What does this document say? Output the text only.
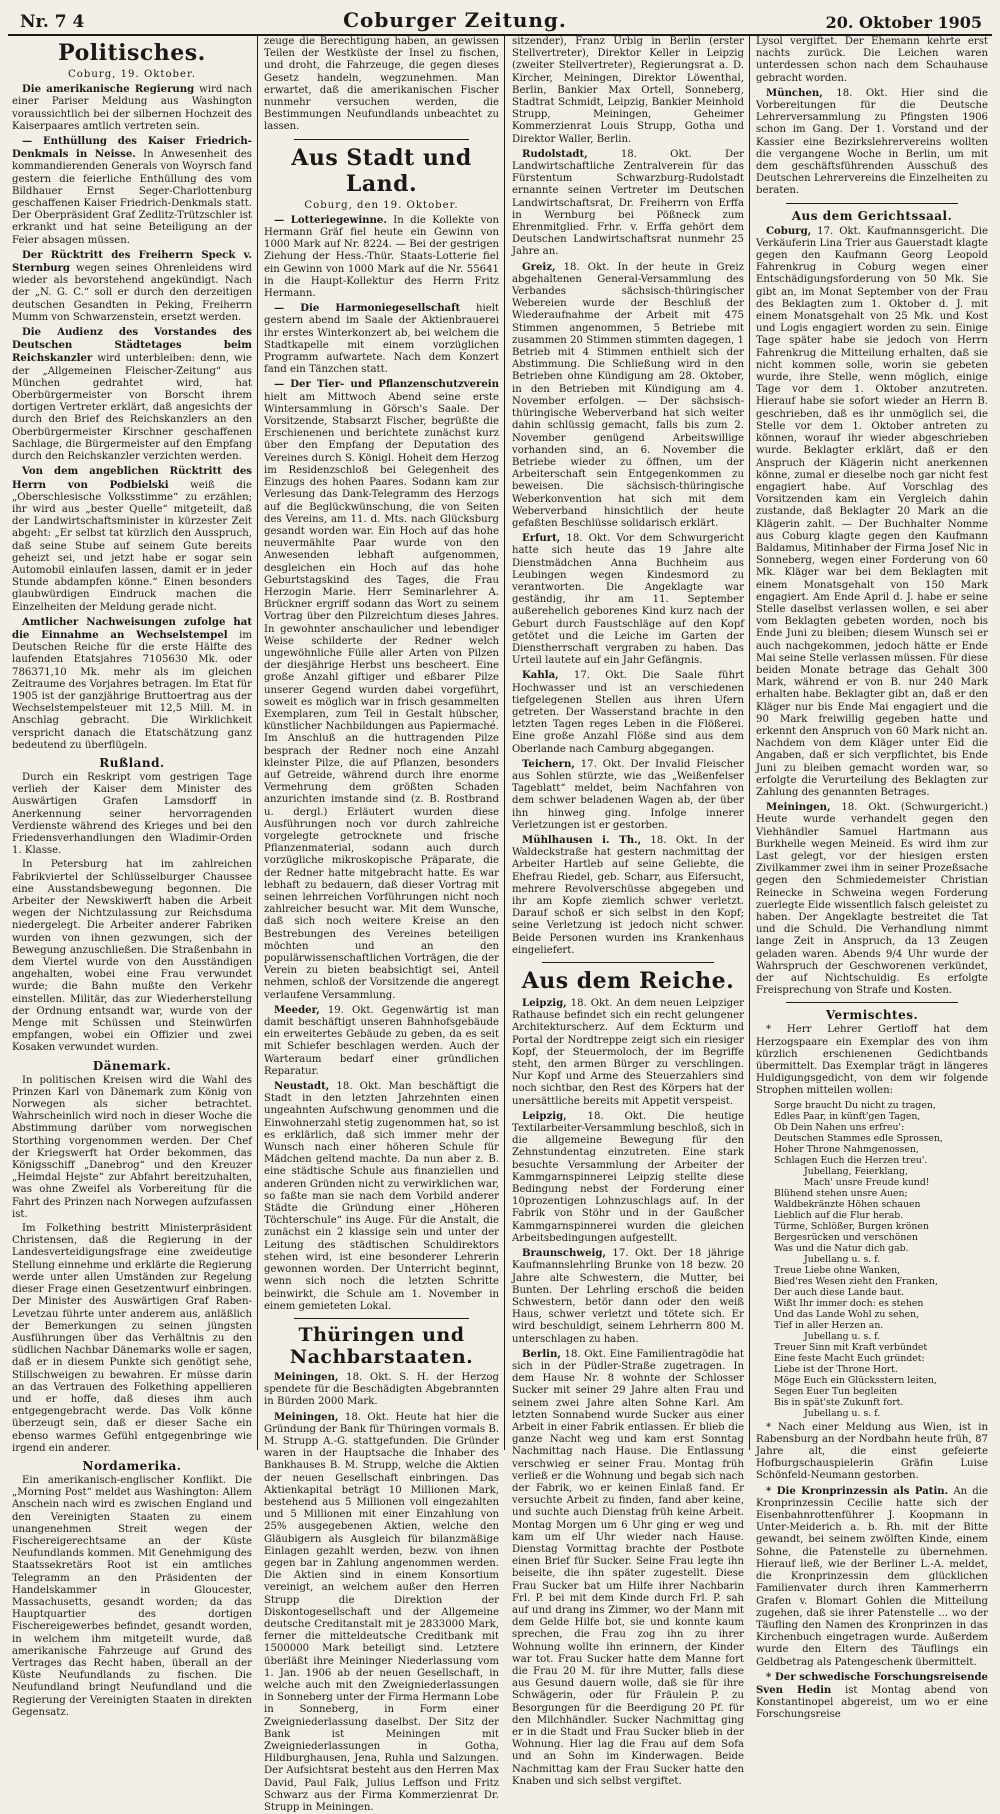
Nr. 7 4	Coburger Zeitung.	20. Oktober 1905
Politisches.
Coburg, 19. Oktober.

Die amerikanische Regierung wird nach einer Pariser Meldung aus Washington voraussichtlich bei der silbernen Hochzeit des Kaiserpaares amtlich vertreten sein.

— Enthüllung des Kaiser Friedrich-Denkmals in Neisse. In Anwesenheit des kommandierenden Generals von Woyrsch fand gestern die feierliche Enthüllung des vom Bildhauer Ernst Seger-Charlottenburg geschaffenen Kaiser Friedrich-Denkmals statt. Der Oberpräsident Graf Zedlitz-Trützschler ist erkrankt und hat seine Beteiligung an der Feier absagen müssen.

Der Rücktritt des Freiherrn Speck v. Sternburg wegen seines Ohrenleidens wird wieder als bevorstehend angekündigt. Nach der „N. G. C.“ soll er durch den derzeitigen deutschen Gesandten in Peking, Freiherrn Mumm von Schwarzenstein, ersetzt werden.

Die Audienz des Vorstandes des Deutschen Städtetages beim Reichskanzler wird unterbleiben: denn, wie der „Allgemeinen Fleischer-Zeitung“ aus München gedrahtet wird, hat Oberbürgermeister von Borscht ihrem dortigen Vertreter erklärt, daß angesichts der durch den Brief des Reichskanzlers an den Oberbürgermeister Kirschner geschaffenen Sachlage, die Bürgermeister auf den Empfang durch den Reichskanzler verzichten werden.

Von dem angeblichen Rücktritt des Herrn von Podbielski weiß die „Oberschlesische Volksstimme“ zu erzählen; ihr wird aus „bester Quelle“ mitgeteilt, daß der Landwirtschaftsminister in kürzester Zeit abgeht: „Er selbst tat kürzlich den Ausspruch, daß seine Stube auf seinem Gute bereits geheizt sei, und jetzt habe er sogar sein Automobil einlaufen lassen, damit er in jeder Stunde abdampfen könne.“ Einen besonders glaubwürdigen Eindruck machen die Einzelheiten der Meldung gerade nicht.

Amtlicher Nachweisungen zufolge hat die Einnahme an Wechselstempel im Deutschen Reiche für die erste Hälfte des laufenden Etatsjahres 7105630 Mk. oder 786371,10 Mk. mehr als im gleichen Zeitraume des Vorjahres betragen. Im Etat für 1905 ist der ganzjährige Bruttoertrag aus der Wechselstempelsteuer mit 12,5 Mill. M. in Anschlag gebracht. Die Wirklichkeit verspricht danach die Etatschätzung ganz bedeutend zu überflügeln.

Rußland.

Durch ein Reskript vom gestrigen Tage verlieh der Kaiser dem Minister des Auswärtigen Grafen Lamsdorff in Anerkennung seiner hervorragenden Verdienste während des Krieges und bei den Friedensverhandlungen den Wladimir-Orden 1. Klasse.

In Petersburg hat im zahlreichen Fabrikviertel der Schlüsselburger Chaussee eine Ausstandsbewegung begonnen. Die Arbeiter der Newskiwerft haben die Arbeit wegen der Nichtzulassung zur Reichsduma niedergelegt. Die Arbeiter anderer Fabriken wurden von ihnen gezwungen, sich der Bewegung anzuschließen. Die Straßenbahn in dem Viertel wurde von den Ausständigen angehalten, wobei eine Frau verwundet wurde; die Bahn mußte den Verkehr einstellen. Militär, das zur Wiederherstellung der Ordnung entsandt war, wurde von der Menge mit Schüssen und Steinwürfen empfangen, wobei ein Offizier und zwei Kosaken verwundet wurden.

Dänemark.

In politischen Kreisen wird die Wahl des Prinzen Karl von Dänemark zum König von Norwegen als sicher betrachtet. Wahrscheinlich wird noch in dieser Woche die Abstimmung darüber vom norwegischen Storthing vorgenommen werden. Der Chef der Kriegswerft hat Order bekommen, das Königsschiff „Danebrog“ und den Kreuzer „Heimdal Hejste“ zur Abfahrt bereitzuhalten, was ohne Zweifel als Vorbereitung für die Fahrt des Prinzen nach Norwegen aufzufassen ist.

Im Folkething bestritt Ministerpräsident Christensen, daß die Regierung in der Landesverteidigungsfrage eine zweideutige Stellung einnehme und erklärte die Regierung werde unter allen Umständen zur Regelung dieser Frage einen Gesetzentwurf einbringen. Der Minister des Auswärtigen Graf Raben-Levetzau führte unter anderem aus, anläßlich der Bemerkungen zu seinen jüngsten Ausführungen über das Verhältnis zu den südlichen Nachbar Dänemarks wolle er sagen, daß er in diesem Punkte sich genötigt sehe, Stillschweigen zu bewahren. Er müsse darin an das Vertrauen des Folkething appellieren und er hoffe, daß dieses ihm auch entgegengebracht werde. Das Volk könne überzeugt sein, daß er dieser Sache ein ebenso warmes Gefühl entgegenbringe wie irgend ein anderer.

Nordamerika.

Ein amerikanisch-englischer Konflikt. Die „Morning Post“ meldet aus Washington: Allem Anschein nach wird es zwischen England und den Vereinigten Staaten zu einem unangenehmen Streit wegen der Fischereigerechtsame an der Küste Neufundlands kommen. Mit Genehmigung des Staatssekretärs Root ist ein amtliches Telegramm an den Präsidenten der Handelskammer in Gloucester, Massachusetts, gesandt worden; da das Hauptquartier des dortigen Fischereigewerbes befindet, gesandt worden, in welchem ihm mitgeteilt wurde, daß amerikanische Fahrzeuge auf Grund des Vertrages das Recht haben, überall an der Küste Neufundlands zu fischen. Die Neufundland bringt Neufundland und die Regierung der Vereinigten Staaten in direkten Gegensatz.

zeuge die Berechtigung haben, an gewissen Teilen der Westküste der Insel zu fischen, und droht, die Fahrzeuge, die gegen dieses Gesetz handeln, wegzunehmen. Man erwartet, daß die amerikanischen Fischer nunmehr versuchen werden, die Bestimmungen Neufundlands unbeachtet zu lassen.

Aus Stadt und Land.
Coburg, den 19. Oktober.

— Lotteriegewinne. In die Kollekte von Hermann Gräf fiel heute ein Gewinn von 1000 Mark auf Nr. 8224. — Bei der gestrigen Ziehung der Hess.-Thür. Staats-Lotterie fiel ein Gewinn von 1000 Mark auf die Nr. 55641 in die Haupt-Kollektur des Herrn Fritz Hermann.

— Die Harmoniegesellschaft hielt gestern abend im Saale der Aktienbrauerei ihr erstes Winterkonzert ab, bei welchem die Stadtkapelle mit einem vorzüglichen Programm aufwartete. Nach dem Konzert fand ein Tänzchen statt.

— Der Tier- und Pflanzenschutzverein hielt am Mittwoch Abend seine erste Wintersammlung in Görsch's Saale. Der Vorsitzende, Stabsarzt Fischer, begrüßte die Erschienenen und berichtete zunächst kurz über den Empfang der Deputation des Vereines durch S. Königl. Hoheit dem Herzog im Residenzschloß bei Gelegenheit des Einzugs des hohen Paares. Sodann kam zur Verlesung das Dank-Telegramm des Herzogs auf die Beglückwünschung, die von Seiten des Vereins, am 11. d. Mts. nach Glücksburg gesandt worden war. Ein Hoch auf das hohe neuvermählte Paar wurde von den Anwesenden lebhaft aufgenommen, desgleichen ein Hoch auf das hohe Geburtstagskind des Tages, die Frau Herzogin Marie. Herr Seminarlehrer A. Brückner ergriff sodann das Wort zu seinem Vortrag über den Pilzreichtum dieses Jahres. In gewohnter anschaulicher und lebendiger Weise schilderte der Redner welch ungewöhnliche Fülle aller Arten von Pilzen der diesjährige Herbst uns bescheert. Eine große Anzahl giftiger und eßbarer Pilze unserer Gegend wurden dabei vorgeführt, soweit es möglich war in frisch gesammelten Exemplaren, zum Teil in Gestalt hübscher, künstlicher Nachbildungen aus Papiermaché. Im Anschluß an die huttragenden Pilze besprach der Redner noch eine Anzahl kleinster Pilze, die auf Pflanzen, besonders auf Getreide, während durch ihre enorme Vermehrung dem größten Schaden anzurichten imstande sind (z. B. Rostbrand u. dergl.) Erläutert wurden diese Ausführungen noch vor durch zahlreiche vorgelegte getrocknete und frische Pflanzenmaterial, sodann auch durch vorzügliche mikroskopische Präparate, die der Redner hatte mitgebracht hatte. Es war lebhaft zu bedauern, daß dieser Vortrag mit seinen lehrreichen Vorführungen nicht noch zahlreicher besucht war. Mit dem Wunsche, daß sich noch weitere Kreise an den Bestrebungen des Vereines beteiligen möchten und an den populärwissenschaftlichen Vorträgen, die der Verein zu bieten beabsichtigt sei, Anteil nehmen, schloß der Vorsitzende die angeregt verlaufene Versammlung.

Meeder, 19. Okt. Gegenwärtig ist man damit beschäftigt unseren Bahnhofsgebäude ein erweitertes Gebäude zu geben, da es seit mit Schiefer beschlagen werden. Auch der Warteraum bedarf einer gründlichen Reparatur.

Neustadt, 18. Okt. Man beschäftigt die Stadt in den letzten Jahrzehnten einen ungeahnten Aufschwung genommen und die Einwohnerzahl stetig zugenommen hat, so ist es erklärlich, daß sich immer mehr der Wunsch nach einer höheren Schule für Mädchen geltend machte. Da nun aber z. B. eine städtische Schule aus finanziellen und anderen Gründen nicht zu verwirklichen war, so faßte man sie nach dem Vorbild anderer Städte die Gründung einer „Höheren Töchterschule“ ins Auge. Für die Anstalt, die zunächst ein 2 klassige sein und unter der Leitung des städtischen Schuldirektors stehen wird, ist eine besonderer Lehrerin gewonnen worden. Der Unterricht beginnt, wenn sich noch die letzten Schritte beinwirkt, die Schule am 1. November in einem gemieteten Lokal.

Thüringen und Nachbarstaaten.

Meiningen, 18. Okt. S. H. der Herzog spendete für die Beschädigten Abgebrannten in Bürden 2000 Mark.

Meiningen, 18. Okt. Heute hat hier die Gründung der Bank für Thüringen vormals B. M. Strupp A.-G. stattgefunden. Die Gründer waren in der Hauptsache die Inhaber des Bankhauses B. M. Strupp, welche die Aktien der neuen Gesellschaft einbringen. Das Aktienkapital beträgt 10 Millionen Mark, bestehend aus 5 Millionen voll eingezahlten und 5 Millionen mit einer Einzahlung von 25% ausgegebenen Aktien, welche den Gläubigern als Ausgleich für bilanzmäßige Einlagen gezahlt werden, bezw. von ihnen gegen bar in Zahlung angenommen werden. Die Aktien sind in einem Konsortium vereinigt, an welchem außer den Herren Strupp die Direktion der Diskontogesellschaft und der Allgemeine deutsche Creditanstalt mit je 2833000 Mark, ferner die mitteldeutsche Creditbank mit 1500000 Mark beteiligt sind. Letztere überläßt ihre Meininger Niederlassung vom 1. Jan. 1906 ab der neuen Gesellschaft, in welche auch mit den Zweigniederlassungen in Sonneberg unter der Firma Hermann Lobe in Sonneberg, in Form einer Zweigniederlassung daselbst. Der Sitz der Bank ist Meiningen mit Zweigniederlassungen in Gotha, Hildburghausen, Jena, Ruhla und Salzungen. Der Aufsichtsrat besteht aus den Herren Max David, Paul Falk, Julius Leffson und Fritz Schwarz aus der Firma Kommerzienrat Dr. Strupp in Meiningen.

sitzender), Franz Urbig in Berlin (erster Stellvertreter), Direktor Keller in Leipzig (zweiter Stellvertreter), Regierungsrat a. D. Kircher, Meiningen, Direktor Löwenthal, Berlin, Bankier Max Ortell, Sonneberg, Stadtrat Schmidt, Leipzig, Bankier Meinhold Strupp, Meiningen, Geheimer Kommerzienrat Louis Strupp, Gotha und Direktor Waller, Berlin.

Rudolstadt, 18. Okt. Der Landwirtschaftliche Zentralverein für das Fürstentum Schwarzburg-Rudolstadt ernannte seinen Vertreter im Deutschen Landwirtschaftsrat, Dr. Freiherrn von Erffa in Wernburg bei Pößneck zum Ehrenmitglied. Frhr. v. Erffa gehört dem Deutschen Landwirtschaftsrat nunmehr 25 Jahre an.

Greiz, 18. Okt. In der heute in Greiz abgehaltenen General-Versammlung des Verbandes sächsisch-thüringischer Webereien wurde der Beschluß der Wiederaufnahme der Arbeit mit 475 Stimmen angenommen, 5 Betriebe mit zusammen 20 Stimmen stimmten dagegen, 1 Betrieb mit 4 Stimmen enthielt sich der Abstimmung. Die Schließung wird in den Betrieben ohne Kündigung am 28. Oktober, in den Betrieben mit Kündigung am 4. November erfolgen. — Der sächsisch-thüringische Weberverband hat sich weiter dahin schlüssig gemacht, falls bis zum 2. November genügend Arbeitswillige vorhanden sind, an 6. November die Betriebe wieder zu öffnen, um der Arbeiterschaft sein Entgegenkommen zu beweisen. Die sächsisch-thüringische Weberkonvention hat sich mit dem Weberverband hinsichtlich der heute gefaßten Beschlüsse solidarisch erklärt.

Erfurt, 18. Okt. Vor dem Schwurgericht hatte sich heute das 19 Jahre alte Dienstmädchen Anna Buchheim aus Leubingen wegen Kindesmord zu verantworten. Die Angeklagte war geständig, ihr am 11. September außerehelich geborenes Kind kurz nach der Geburt durch Faustschläge auf den Kopf getötet und die Leiche im Garten der Dienstherrschaft vergraben zu haben. Das Urteil lautete auf ein Jahr Gefängnis.

Kahla, 17. Okt. Die Saale führt Hochwasser und ist an verschiedenen tiefgelegenen Stellen aus ihren Ufern getreten. Der Wasserstand brachte in den letzten Tagen reges Leben in die Flößerei. Eine große Anzahl Flöße sind aus dem Oberlande nach Camburg abgegangen.

Teichern, 17. Okt. Der Invalid Fleischer aus Sohlen stürzte, wie das „Weißenfelser Tageblatt“ meldet, beim Nachfahren von dem schwer beladenen Wagen ab, der über ihn hinweg ging. Infolge innerer Verletzungen ist er gestorben.

Mühlhausen i. Th., 18. Okt. In der Waldeckstraße hat gestern nachmittag der Arbeiter Hartleb auf seine Geliebte, die Ehefrau Riedel, geb. Scharr, aus Eifersucht, mehrere Revolverschüsse abgegeben und ihr am Kopfe ziemlich schwer verletzt. Darauf schoß er sich selbst in den Kopf; seine Verletzung ist jedoch nicht schwer. Beide Personen wurden ins Krankenhaus eingeliefert.

Aus dem Reiche.

Leipzig, 18. Okt. An dem neuen Leipziger Rathause befindet sich ein recht gelungener Architekturscherz. Auf dem Eckturm und Portal der Nordtreppe zeigt sich ein riesiger Kopf, der Steuermoloch, der im Begriffe steht, den armen Bürger zu verschlingen. Nur Kopf und Arme des Steuerzahlers sind noch sichtbar, den Rest des Körpers hat der unersättliche bereits mit Appetit verspeist.

Leipzig, 18. Okt. Die heutige Textilarbeiter-Versammlung beschloß, sich in die allgemeine Bewegung für den Zehnstundentag einzutreten. Eine stark besuchte Versammlung der Arbeiter der Kammgarnspinnerei Leipzig stellte diese Bedingung nebst der Forderung einer 10prozentigen Lohnzuschlags auf. In der Fabrik von Stöhr und in der Gaußcher Kammgarnspinnerei wurden die gleichen Arbeitsbedingungen aufgestellt.

Braunschweig, 17. Okt. Der 18 jährige Kaufmannslehrling Brunke von 18 bezw. 20 Jahre alte Schwestern, die Mutter, bei Bunten. Der Lehrling erschoß die beiden Schwestern, betör dann oder den weiß Haus, schwer verletzt und tötete sich. Er wird beschuldigt, seinem Lehrherrn 800 M. unterschlagen zu haben.

Berlin, 18. Okt. Eine Familientragödie hat sich in der Püdler-Straße zugetragen. In dem Hause Nr. 8 wohnte der Schlosser Sucker mit seiner 29 Jahre alten Frau und seinem zwei Jahre alten Sohne Karl. Am letzten Sonnabend wurde Sucker aus einer Arbeit in einer Fabrik entlassen. Er blieb die ganze Nacht weg und kam erst Sonntag Nachmittag nach Hause. Die Entlassung verschwieg er seiner Frau. Montag früh verließ er die Wohnung und begab sich nach der Fabrik, wo er keinen Einlaß fand. Er versuchte Arbeit zu finden, fand aber keine, und suchte auch Dienstag früh keine Arbeit. Montag Morgen um 6 Uhr ging er weg und kam um elf Uhr wieder nach Hause. Dienstag Vormittag brachte der Postbote einen Brief für Sucker. Seine Frau legte ihn beiseite, die ihn später zugestellt. Diese Frau Sucker bat um Hilfe ihrer Nachbarin Frl. P. bei mit dem Kinde durch Frl. P. sah auf und drang ins Zimmer, wo der Mann mit dem Gelde Hilfe bot, sie und konnte kaum sprechen, die Frau zog ihn zu ihrer Wohnung wollte ihn erinnern, der Kinder war tot. Frau Sucker hatte dem Manne fort die Frau 20 M. für ihre Mutter, falls diese aus Gesund dauern wolle, daß sie für ihre Schwägerin, oder für Fräulein P. zu Besorgungen für die Beerdigung 20 Pf. für den Milchhändler. Sucker Nachmittag ging er in die Stadt und Frau Sucker blieb in der Wohnung. Hier lag die Frau auf dem Sofa und an Sohn im Kinderwagen. Beide Nachmittag kam der Frau Sucker hatte den Knaben und sich selbst vergiftet.

Lysol vergiftet. Der Ehemann kehrte erst nachts zurück. Die Leichen waren unterdessen schon nach dem Schauhause gebracht worden.

München, 18. Okt. Hier sind die Vorbereitungen für die Deutsche Lehrerversammlung zu Pfingsten 1906 schon im Gang. Der 1. Vorstand und der Kassier eine Bezirkslehrervereins wollten die vergangene Woche in Berlin, um mit dem geschäftsführenden Ausschuß des Deutschen Lehrervereins die Einzelheiten zu beraten.

Aus dem Gerichtssaal.

Coburg, 17. Okt. Kaufmannsgericht. Die Verkäuferin Lina Trier aus Gauerstadt klagte gegen den Kaufmann Georg Leopold Fahrenkrug in Coburg wegen einer Entschädigungsforderung von 50 Mk. Sie gibt an, im Monat September von der Frau des Beklagten zum 1. Oktober d. J. mit einem Monatsgehalt von 25 Mk. und Kost und Logis engagiert worden zu sein. Einige Tage später habe sie jedoch von Herrn Fahrenkrug die Mitteilung erhalten, daß sie nicht kommen solle, worin sie gebeten wurde, ihre Stelle, wenn möglich, einige Tage vor dem 1. Oktober anzutreten. Hierauf habe sie sofort wieder an Herrn B. geschrieben, daß es ihr unmöglich sei, die Stelle vor dem 1. Oktober antreten zu können, worauf ihr wieder abgeschrieben wurde. Beklagter erklärt, daß er den Anspruch der Klägerin nicht anerkennen könne, zumal er dieselbe noch gar nicht fest engagiert habe. Auf Vorschlag des Vorsitzenden kam ein Vergleich dahin zustande, daß Beklagter 20 Mark an die Klägerin zahlt. — Der Buchhalter Nomme aus Coburg klagte gegen den Kaufmann Baldamus, Mitinhaber der Firma Josef Nic in Sonneberg, wegen einer Forderung von 60 Mk. Kläger war bei dem Beklagten mit einem Monatsgehalt von 150 Mark engagiert. Am Ende April d. J. habe er seine Stelle daselbst verlassen wollen, e sei aber vom Beklagten gebeten worden, noch bis Ende Juni zu bleiben; diesem Wunsch sei er auch nachgekommen, jedoch hätte er Ende Mai seine Stelle verlassen müssen. Für diese beiden Monate betrage das Gehalt 300 Mark, während er von B. nur 240 Mark erhalten habe. Beklagter gibt an, daß er den Kläger nur bis Ende Mai engagiert und die 90 Mark freiwillig gegeben hatte und erkennt den Anspruch von 60 Mark nicht an. Nachdem von dem Kläger unter Eid die Angaben, daß er sich verpflichtet, bis Ende Juni zu bleiben gemacht worden war, so erfolgte die Verurteilung des Beklagten zur Zahlung des genannten Betrages.

Meiningen, 18. Okt. (Schwurgericht.) Heute wurde verhandelt gegen den Viehhändler Samuel Hartmann aus Burkhelle wegen Meineid. Es wird ihm zur Last gelegt, vor der hiesigen ersten Zivilkammer zwei ihm in seiner Prozeßsache gegen den Schmiedemeister Christian Reinecke in Schweina wegen Forderung zuerlegte Eide wissentlich falsch geleistet zu haben. Der Angeklagte bestreitet die Tat und die Schuld. Die Verhandlung nimmt lange Zeit in Anspruch, da 13 Zeugen geladen waren. Abends 9/4 Uhr wurde der Wahrspruch der Geschworenen verkündet, der auf Nichtschuldig. Es erfolgte Freisprechung von Strafe und Kosten.

Vermischtes.

* Herr Lehrer Gertloff hat dem Herzogspaare ein Exemplar des von ihm kürzlich erschienenen Gedichtbands übermittelt. Das Exemplar trägt in längeres Huldigungsgedicht, von dem wir folgende Strophen mitteilen wollen:

Sorge braucht Du nicht zu tragen,
Edles Paar, in künft'gen Tagen,
Ob Dein Nahen uns erfreu':
Deutschen Stammes edle Sprossen,
Hoher Throne Nahmgenossen,
Schlagen Euch die Herzen treu'.
Jubellang, Feierklang,
Mach' unsre Freude kund!
Blühend stehen unsre Auen;
Waldbekränzte Höhen schauen
Lieblich auf die Flur herab.
Türme, Schlößer, Burgen krönen
Bergesrücken und verschönen
Was und die Natur dich gab.
Jubellang u. s. f.
Treue Liebe ohne Wanken,
Bied'res Wesen zieht den Franken,
Der auch diese Lande baut.
Wißt Ihr immer doch: es stehen
Und das Lande Wohl zu sehen,
Tief in aller Herzen an.
Jubellang u. s. f.
Treuer Sinn mit Kraft verbündet
Eine feste Macht Euch gründet:
Liebe ist der Throne Hort.
Möge Euch ein Glücksstern leiten,
Segen Euer Tun begleiten
Bis in spät'ste Zukunft fort.
Jubellang u. s. f.

* Nach einer Meldung aus Wien, ist in Rabensburg an der Nordbahn heute früh, 87 Jahre alt, die einst gefeierte Hofburgschauspielerin Gräfin Luise Schönfeld-Neumann gestorben.

* Die Kronprinzessin als Patin. An die Kronprinzessin Cecilie hatte sich der Eisenbahnrottenführer J. Koopmann in Unter-Meiderich a. b. Rh. mit der Bitte gewandt, bei seinem zwölften Kinde, einem Sohne, die Patenstelle zu übernehmen. Hierauf ließ, wie der Berliner L.-A. meldet, die Kronprinzessin dem glücklichen Familienvater durch ihren Kammerherrn Grafen v. Blomart Gohlen die Mitteilung zugehen, daß sie ihrer Patenstelle ... wo der Täufling den Namen des Kronprinzen in das Kirchenbuch eingetragen wurde. Außerdem wurde den Eltern des Täuflings ein Geldbetrag als Patengeschenk übermittelt.

* Der schwedische Forschungsreisende Sven Hedin ist Montag abend von Konstantinopel abgereist, um wo er eine Forschungsreise
